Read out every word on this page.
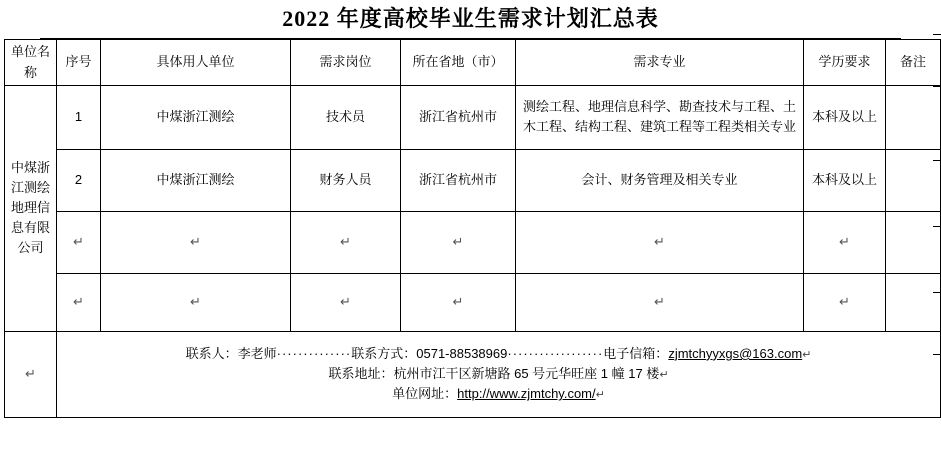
2022 年度高校毕业生需求计划汇总表
单位名称	序号	具体用人单位	需求岗位	所在省地（市）	需求专业	学历要求	备注
中煤浙江测绘地理信息有限公司	1	中煤浙江测绘	技术员	浙江省杭州市	测绘工程、地理信息科学、勘查技术与工程、土木工程、结构工程、建筑工程等工程类相关专业	本科及以上	
	2	中煤浙江测绘	财务人员	浙江省杭州市	会计、财务管理及相关专业	本科及以上	
	↵	↵	↵	↵	↵	↵	
	↵	↵	↵	↵	↵	↵	
↵	联系人：李老师··············联系方式：0571-88538969··················电子信箱：zjmtchyyxgs@163.com↵
联系地址：杭州市江干区新塘路 65 号元华旺座 1 幢 17 楼↵
单位网址：http://www.zjmtchy.com/↵						
